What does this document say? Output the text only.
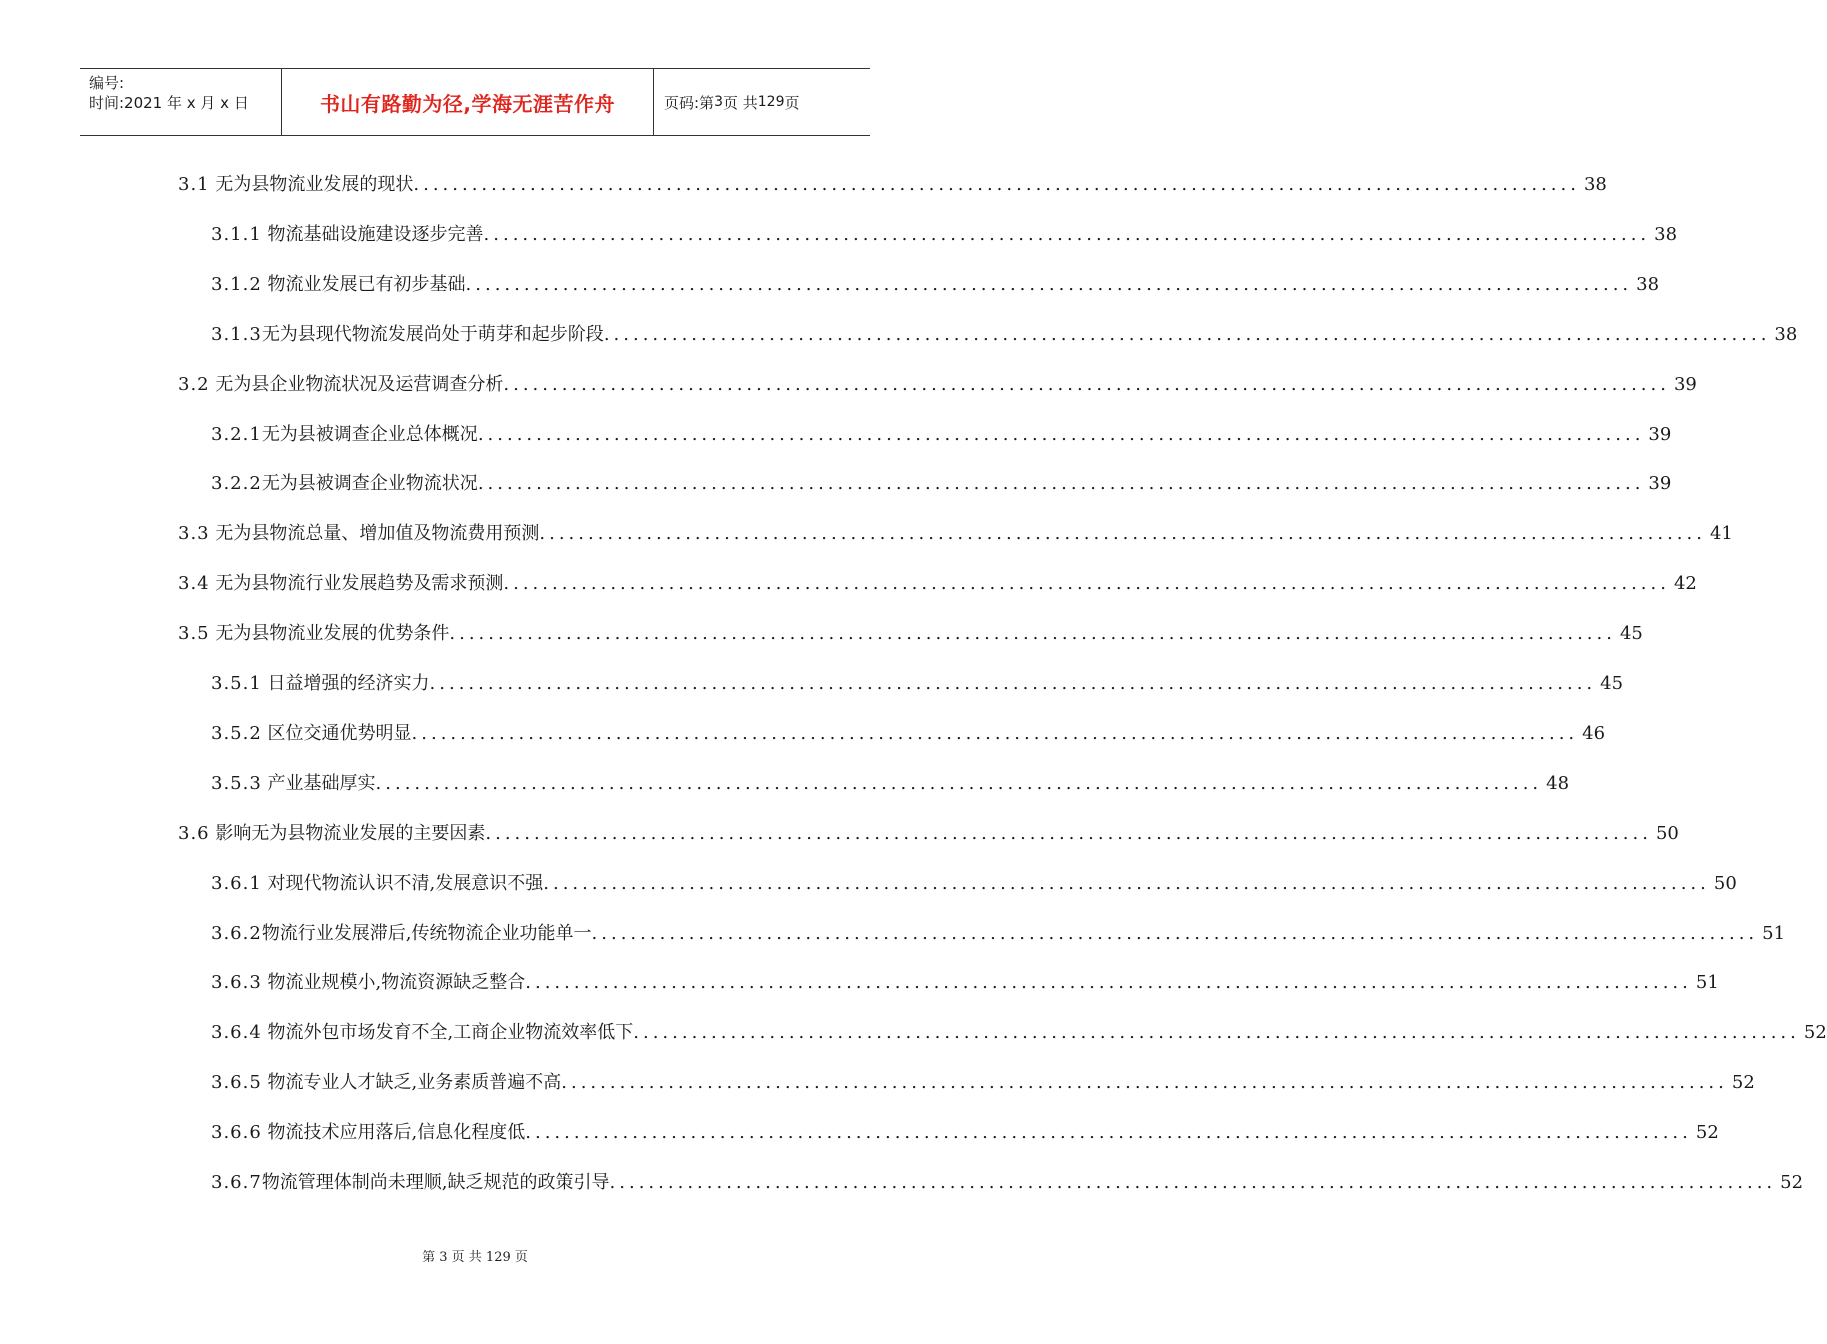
编号:
时间:2021 年 x 月 x 日	书山有路勤为径,学海无涯苦作舟	页码:第 3 页 共 129 页
3.1 无为县物流业发展的现状 ........................................................................................................................ 38
3.1.1 物流基础设施建设逐步完善 ........................................................................................................................ 38
3.1.2 物流业发展已有初步基础 ........................................................................................................................ 38
3.1.3 无为县现代物流发展尚处于萌芽和起步阶段 ........................................................................................................................ 38
3.2 无为县企业物流状况及运营调查分析 ........................................................................................................................ 39
3.2.1 无为县被调查企业总体概况 ........................................................................................................................ 39
3.2.2 无为县被调查企业物流状况 ........................................................................................................................ 39
3.3 无为县物流总量、增加值及物流费用预测 ........................................................................................................................ 41
3.4 无为县物流行业发展趋势及需求预测 ........................................................................................................................ 42
3.5 无为县物流业发展的优势条件 ........................................................................................................................ 45
3.5.1 日益增强的经济实力 ........................................................................................................................ 45
3.5.2 区位交通优势明显 ........................................................................................................................ 46
3.5.3 产业基础厚实 ........................................................................................................................ 48
3.6 影响无为县物流业发展的主要因素 ........................................................................................................................ 50
3.6.1 对现代物流认识不清,发展意识不强 ........................................................................................................................ 50
3.6.2 物流行业发展滞后,传统物流企业功能单一 ........................................................................................................................ 51
3.6.3 物流业规模小,物流资源缺乏整合 ........................................................................................................................ 51
3.6.4 物流外包市场发育不全,工商企业物流效率低下 ........................................................................................................................ 52
3.6.5 物流专业人才缺乏,业务素质普遍不高 ........................................................................................................................ 52
3.6.6 物流技术应用落后,信息化程度低 ........................................................................................................................ 52
3.6.7 物流管理体制尚未理顺,缺乏规范的政策引导 ........................................................................................................................ 52
第 3 页 共 129 页
